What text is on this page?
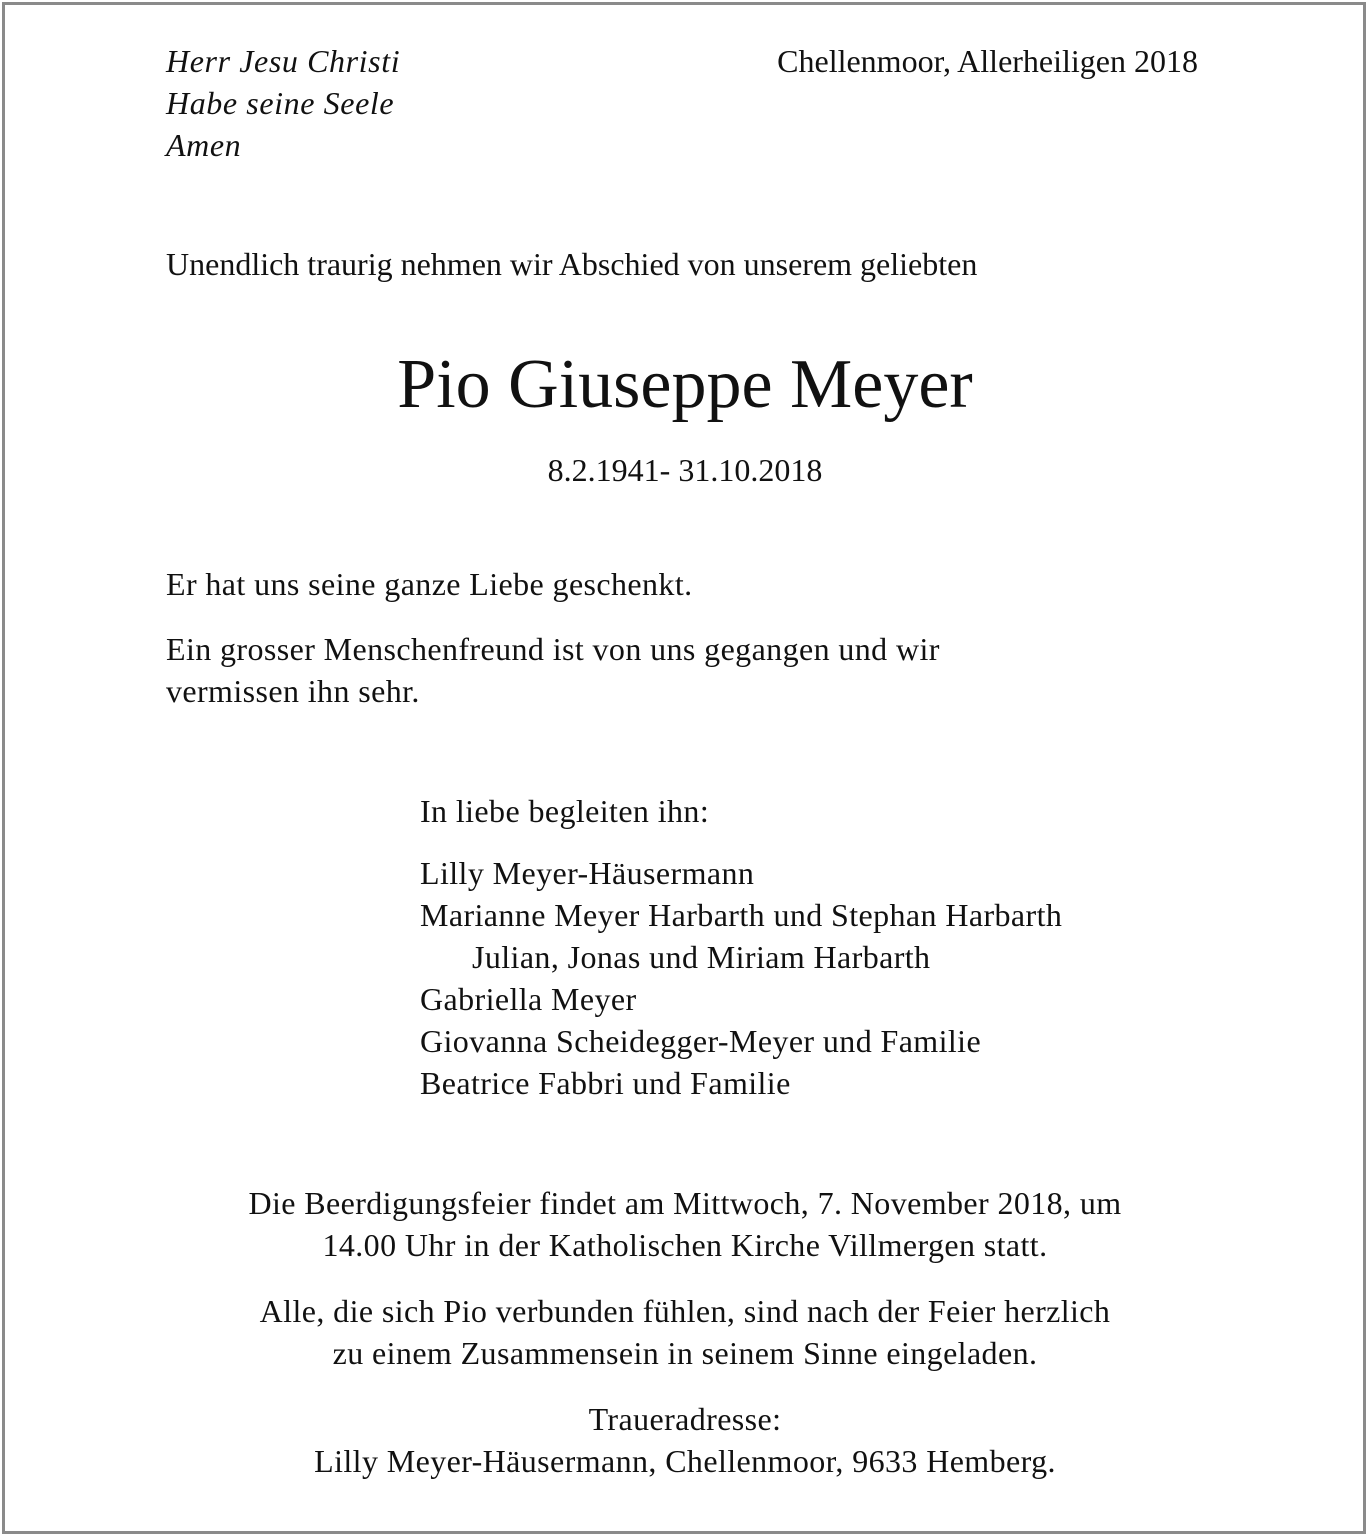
Herr Jesu Christi
Habe seine Seele
Amen
Chellenmoor, Allerheiligen 2018
Unendlich traurig nehmen wir Abschied von unserem geliebten
Pio Giuseppe Meyer
8.2.1941- 31.10.2018
Er hat uns seine ganze Liebe geschenkt.
Ein grosser Menschenfreund ist von uns gegangen und wir
vermissen ihn sehr.
In liebe begleiten ihn:
Lilly Meyer-Häusermann
Marianne Meyer Harbarth und Stephan Harbarth
Julian, Jonas und Miriam Harbarth
Gabriella Meyer
Giovanna Scheidegger-Meyer und Familie
Beatrice Fabbri und Familie
Die Beerdigungsfeier findet am Mittwoch, 7. November 2018, um
14.00 Uhr in der Katholischen Kirche Villmergen statt.
Alle, die sich Pio verbunden fühlen, sind nach der Feier herzlich
zu einem Zusammensein in seinem Sinne eingeladen.
Traueradresse:
Lilly Meyer-Häusermann, Chellenmoor, 9633 Hemberg.
